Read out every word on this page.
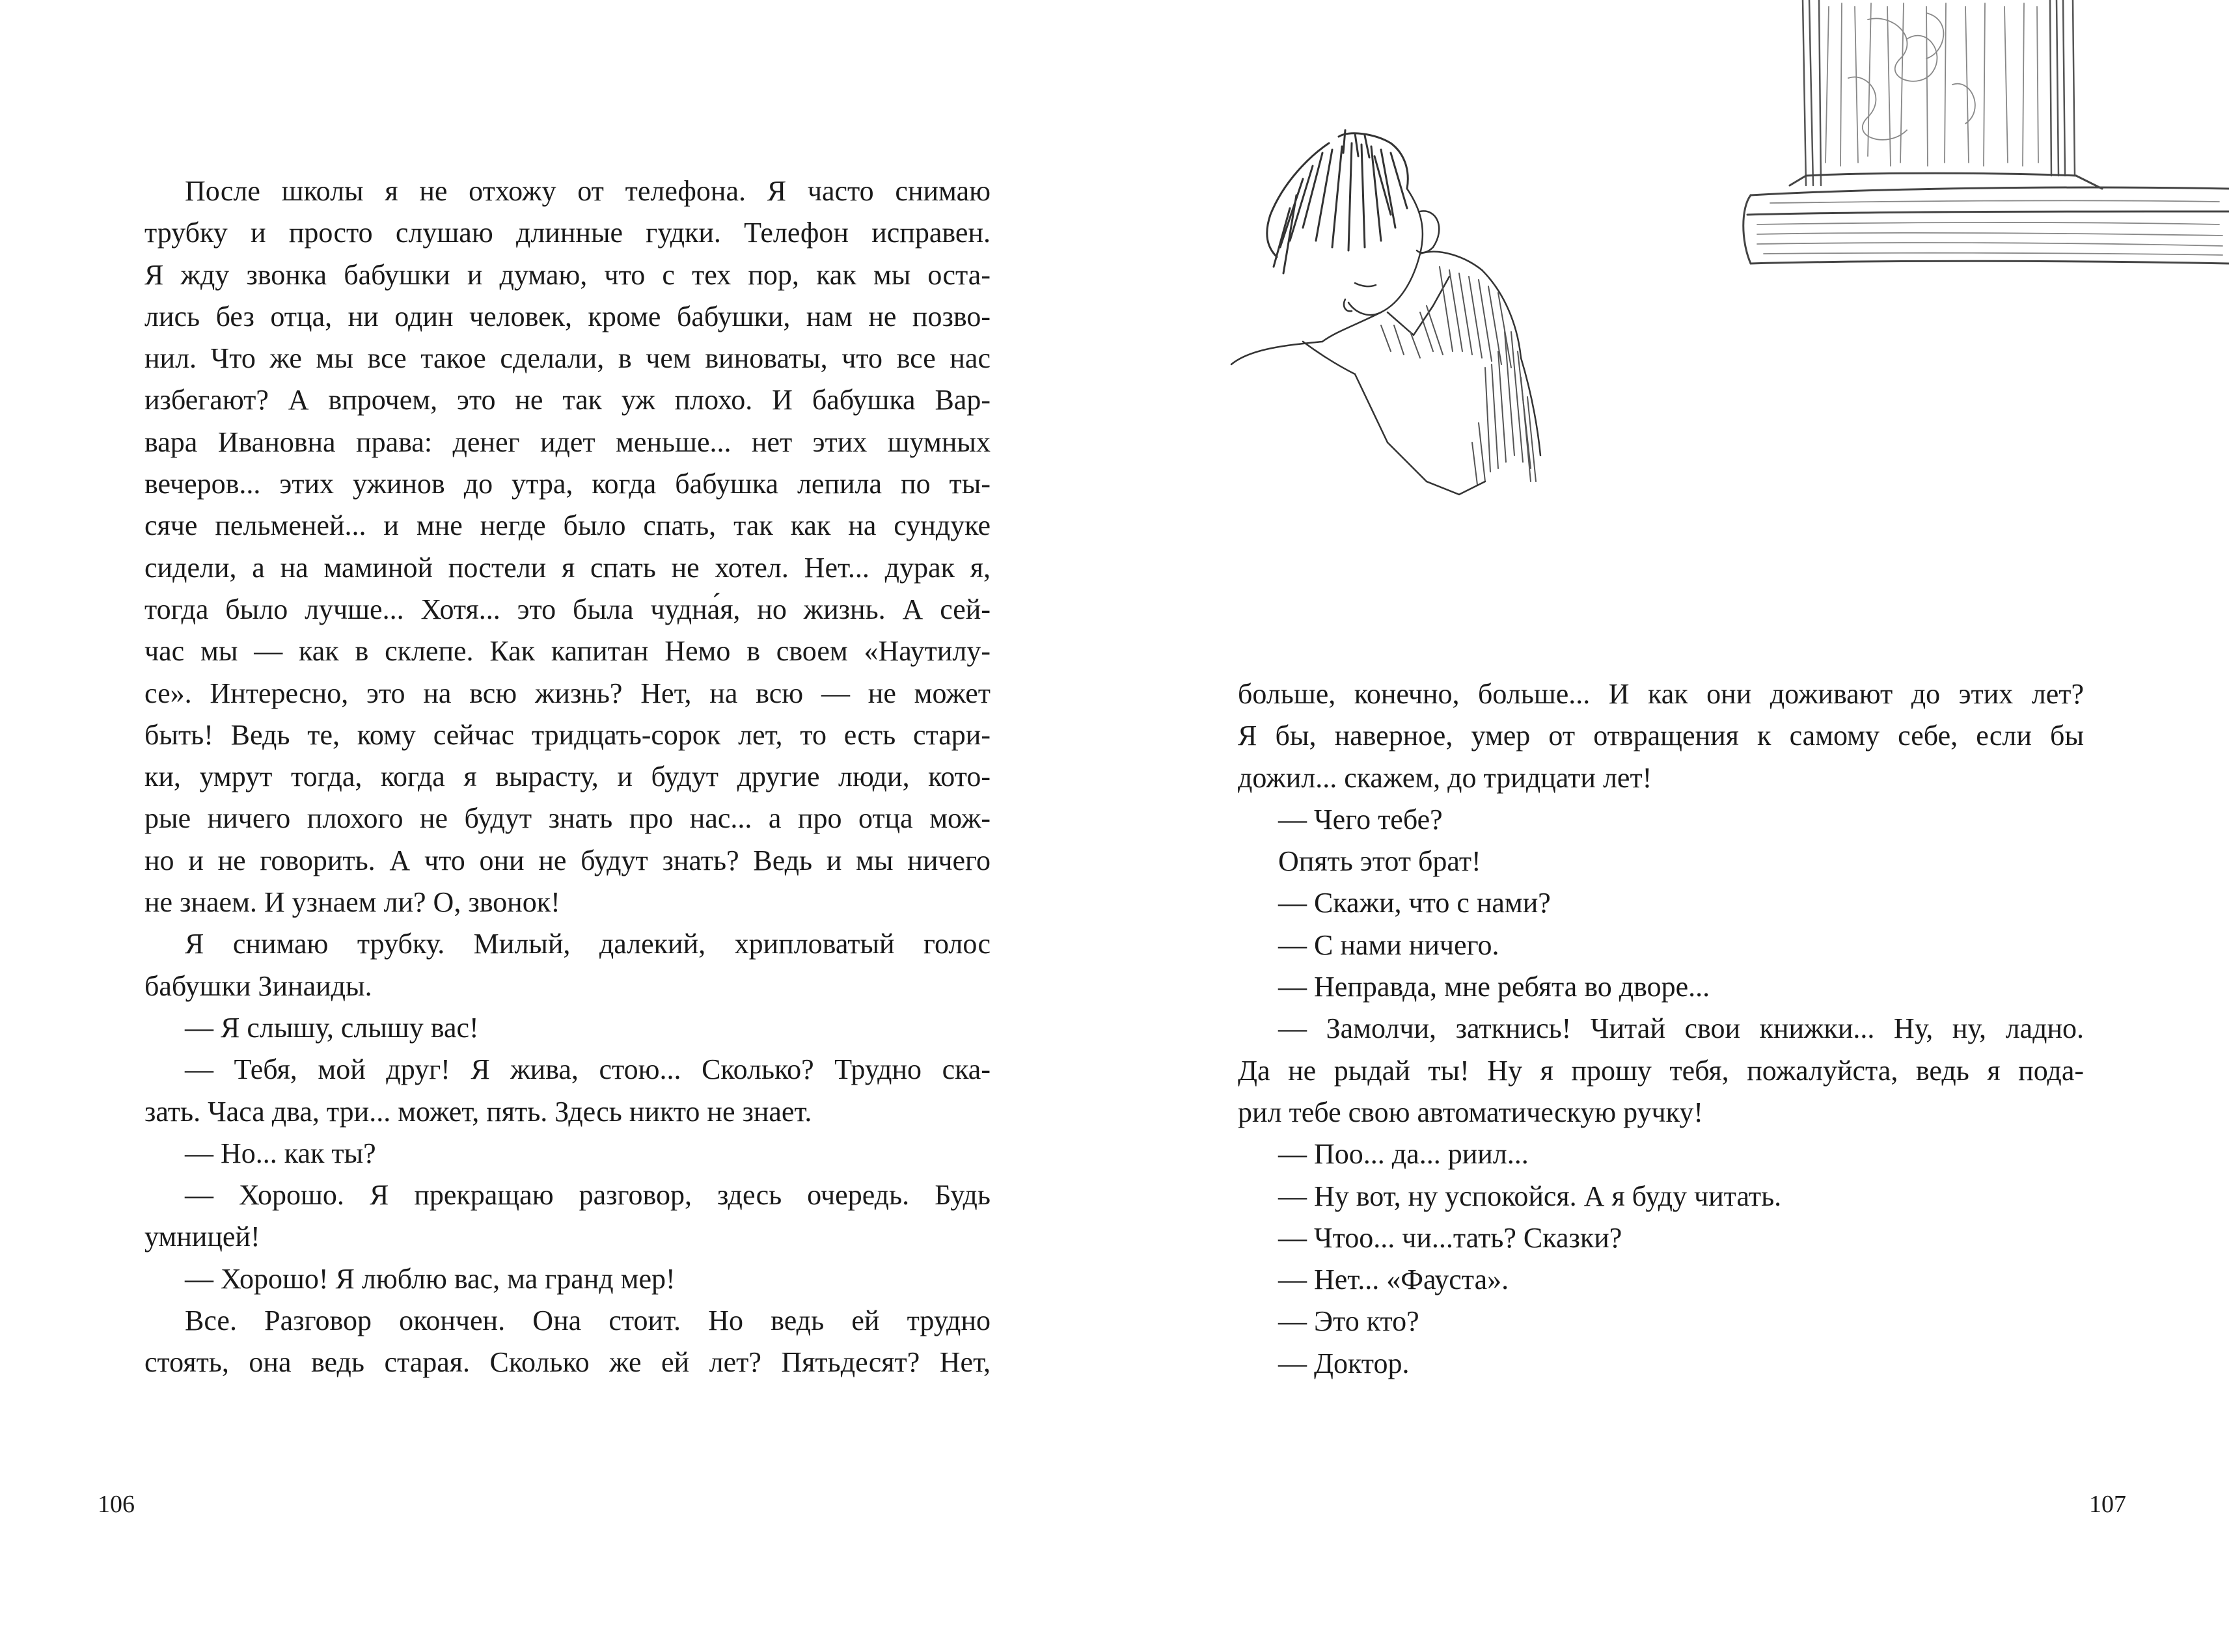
После школы я не отхожу от телефона. Я часто снимаю
трубку и просто слушаю длинные гудки. Телефон исправен.
Я жду звонка бабушки и думаю, что с тех пор, как мы оста-
лись без отца, ни один человек, кроме бабушки, нам не позво-
нил. Что же мы все такое сделали, в чем виноваты, что все нас
избегают? А впрочем, это не так уж плохо. И бабушка Вар-
вара Ивановна права: денег идет меньше... нет этих шумных
вечеров... этих ужинов до утра, когда бабушка лепила по ты-
сяче пельменей... и мне негде было спать, так как на сундуке
сидели, а на маминой постели я спать не хотел. Нет... дурак я,
тогда было лучше... Хотя... это была чудна́я, но жизнь. А сей-
час мы — как в склепе. Как капитан Немо в своем «Наутилу-
се». Интересно, это на всю жизнь? Нет, на всю — не может
быть! Ведь те, кому сейчас тридцать-сорок лет, то есть стари-
ки, умрут тогда, когда я вырасту, и будут другие люди, кото-
рые ничего плохого не будут знать про нас... а про отца мож-
но и не говорить. А что они не будут знать? Ведь и мы ничего
не знаем. И узнаем ли? О, звонок!
Я снимаю трубку. Милый, далекий, хрипловатый голос
бабушки Зинаиды.
— Я слышу, слышу вас!
— Тебя, мой друг! Я жива, стою... Сколько? Трудно ска-
зать. Часа два, три... может, пять. Здесь никто не знает.
— Но... как ты?
— Хорошо. Я прекращаю разговор, здесь очередь. Будь
умницей!
— Хорошо! Я люблю вас, ма гранд мер!
Все. Разговор окончен. Она стоит. Но ведь ей трудно
стоять, она ведь старая. Сколько же ей лет? Пятьдесят? Нет,
106
больше, конечно, больше... И как они доживают до этих лет?
Я бы, наверное, умер от отвращения к самому себе, если бы
дожил... скажем, до тридцати лет!
— Чего тебе?
Опять этот брат!
— Скажи, что с нами?
— С нами ничего.
— Неправда, мне ребята во дворе...
— Замолчи, заткнись! Читай свои книжки... Ну, ну, ладно.
Да не рыдай ты! Ну я прошу тебя, пожалуйста, ведь я пода-
рил тебе свою автоматическую ручку!
— Поо... да... риил...
— Ну вот, ну успокойся. А я буду читать.
— Чтоо... чи...тать? Сказки?
— Нет... «Фауста».
— Это кто?
— Доктор.
107
